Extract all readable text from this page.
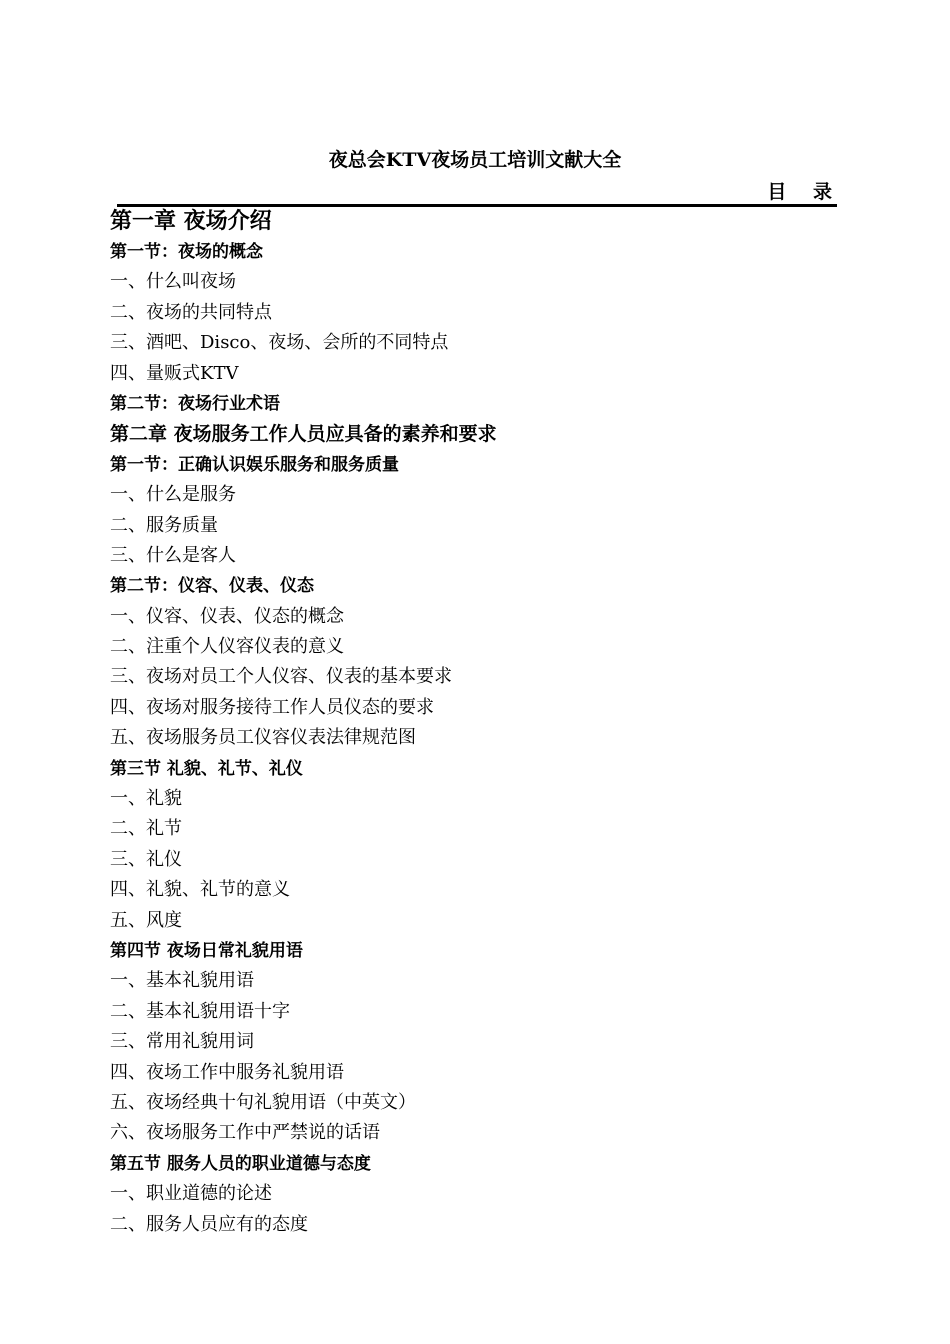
夜总会KTV夜场员工培训文献大全
目 录
第一章 夜场介绍
第一节：夜场的概念
一、什么叫夜场
二、夜场的共同特点
三、酒吧、Disco、夜场、会所的不同特点
四、量贩式KTV
第二节：夜场行业术语
第二章 夜场服务工作人员应具备的素养和要求
第一节：正确认识娱乐服务和服务质量
一、什么是服务
二、服务质量
三、什么是客人
第二节：仪容、仪表、仪态
一、仪容、仪表、仪态的概念
二、注重个人仪容仪表的意义
三、夜场对员工个人仪容、仪表的基本要求
四、夜场对服务接待工作人员仪态的要求
五、夜场服务员工仪容仪表法律规范图
第三节 礼貌、礼节、礼仪
一、礼貌
二、礼节
三、礼仪
四、礼貌、礼节的意义
五、风度
第四节 夜场日常礼貌用语
一、基本礼貌用语
二、基本礼貌用语十字
三、常用礼貌用词
四、夜场工作中服务礼貌用语
五、夜场经典十句礼貌用语（中英文）
六、夜场服务工作中严禁说的话语
第五节 服务人员的职业道德与态度
一、职业道德的论述
二、服务人员应有的态度
